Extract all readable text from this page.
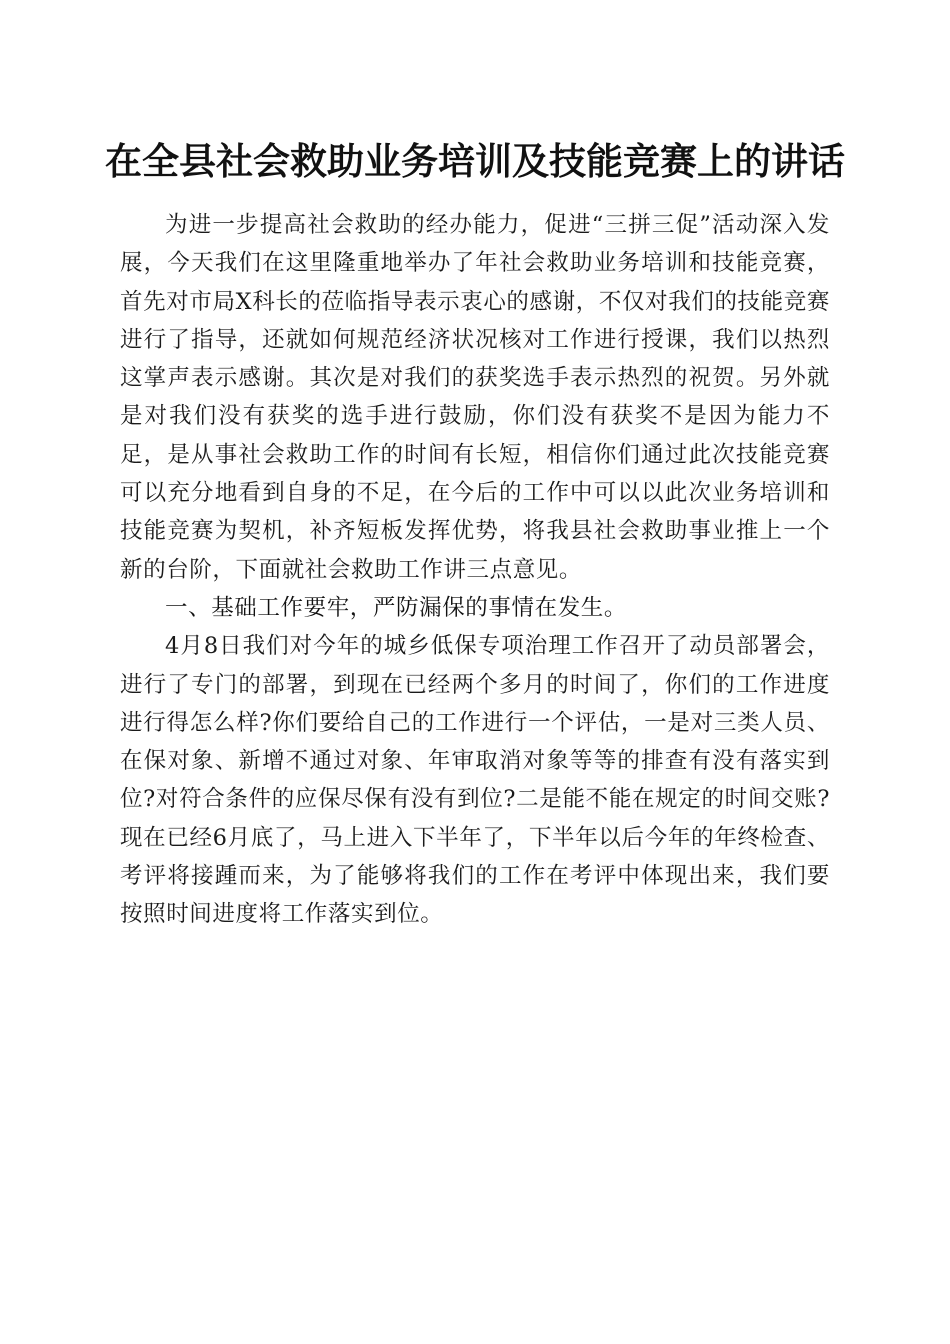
在全县社会救助业务培训及技能竞赛上的讲话

为进一步提高社会救助的经办能力，促进“三拼三促”活动深入发展，今天我们在这里隆重地举办了年社会救助业务培训和技能竞赛，首先对市局X科长的莅临指导表示衷心的感谢，不仅对我们的技能竞赛进行了指导，还就如何规范经济状况核对工作进行授课，我们以热烈这掌声表示感谢。其次是对我们的获奖选手表示热烈的祝贺。另外就是对我们没有获奖的选手进行鼓励，你们没有获奖不是因为能力不足，是从事社会救助工作的时间有长短，相信你们通过此次技能竞赛可以充分地看到自身的不足，在今后的工作中可以以此次业务培训和技能竞赛为契机，补齐短板发挥优势，将我县社会救助事业推上一个新的台阶，下面就社会救助工作讲三点意见。

一、基础工作要牢，严防漏保的事情在发生。

4月8日我们对今年的城乡低保专项治理工作召开了动员部署会，进行了专门的部署，到现在已经两个多月的时间了，你们的工作进度进行得怎么样?你们要给自己的工作进行一个评估，一是对三类人员、在保对象、新增不通过对象、年审取消对象等等的排查有没有落实到位?对符合条件的应保尽保有没有到位?二是能不能在规定的时间交账?现在已经6月底了，马上进入下半年了，下半年以后今年的年终检查、考评将接踵而来，为了能够将我们的工作在考评中体现出来，我们要按照时间进度将工作落实到位。
